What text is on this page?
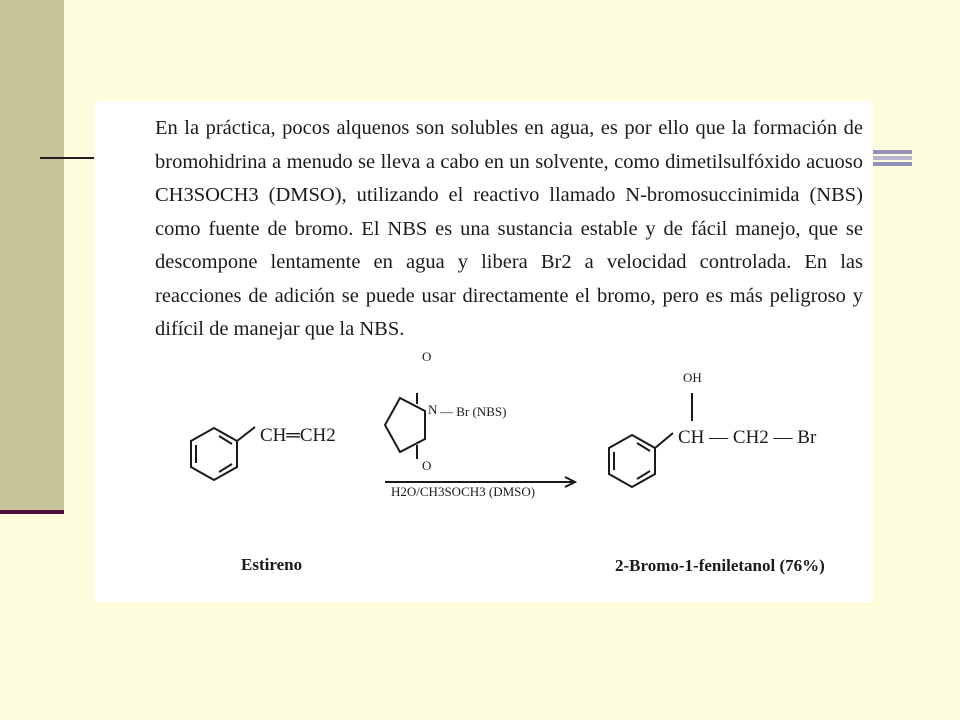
En la práctica, pocos alquenos son solubles en agua, es por ello que la formación de bromohidrina a menudo se lleva a cabo en un solvente, como dimetilsulfóxido acuoso CH3SOCH3 (DMSO), utilizando el reactivo llamado N-bromosuccinimida (NBS) como fuente de bromo. El NBS es una sustancia estable y de fácil manejo, que se descompone lentamente en agua y libera Br2 a velocidad controlada. En las reacciones de adición se puede usar directamente el bromo, pero es más peligroso y difícil de manejar que la NBS.
CH═CH2
O
O
N — Br (NBS)
H2O/CH3SOCH3 (DMSO)
OH
CH — CH2 — Br
Estireno	2-Bromo-1-feniletanol (76%)
